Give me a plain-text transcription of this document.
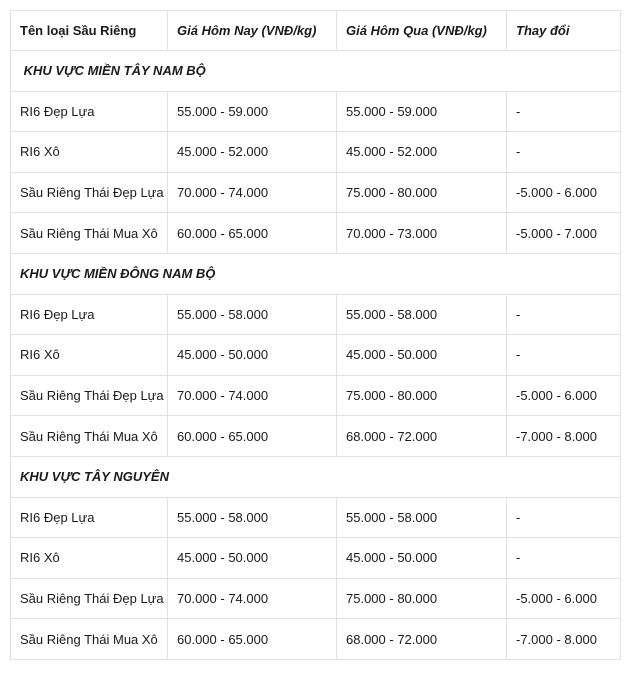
Tên loại Sầu Riêng	Giá Hôm Nay (VNĐ/kg)	Giá Hôm Qua (VNĐ/kg)	Thay đổi
KHU VỰC MIỀN TÂY NAM BỘ			
RI6 Đẹp Lựa	55.000 - 59.000	55.000 - 59.000	-
RI6 Xô	45.000 - 52.000	45.000 - 52.000	-
Sầu Riêng Thái Đẹp Lựa	70.000 - 74.000	75.000 - 80.000	-5.000 - 6.000
Sầu Riêng Thái Mua Xô	60.000 - 65.000	70.000 - 73.000	-5.000 - 7.000
KHU VỰC MIỀN ĐÔNG NAM BỘ			
RI6 Đẹp Lựa	55.000 - 58.000	55.000 - 58.000	-
RI6 Xô	45.000 - 50.000	45.000 - 50.000	-
Sầu Riêng Thái Đẹp Lựa	70.000 - 74.000	75.000 - 80.000	-5.000 - 6.000
Sầu Riêng Thái Mua Xô	60.000 - 65.000	68.000 - 72.000	-7.000 - 8.000
KHU VỰC TÂY NGUYÊN			
RI6 Đẹp Lựa	55.000 - 58.000	55.000 - 58.000	-
RI6 Xô	45.000 - 50.000	45.000 - 50.000	-
Sầu Riêng Thái Đẹp Lựa	70.000 - 74.000	75.000 - 80.000	-5.000 - 6.000
Sầu Riêng Thái Mua Xô	60.000 - 65.000	68.000 - 72.000	-7.000 - 8.000
